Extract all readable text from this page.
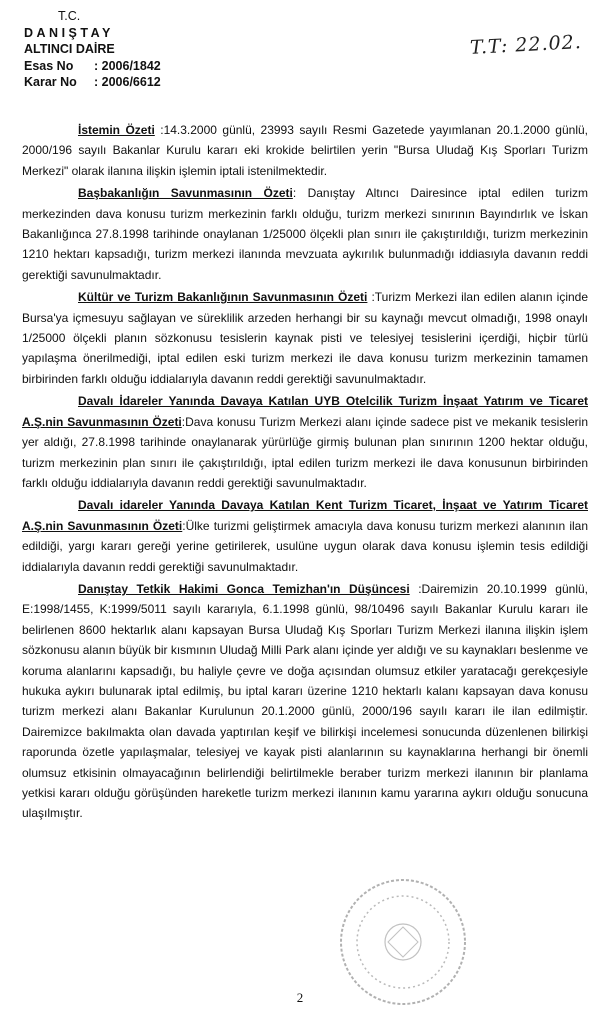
T.C.
DANIŞTAY
ALTINCI DAİRE
Esas No	: 2006/1842
Karar No	: 2006/6612
T.T: 22.02.

İstemin Özeti :14.3.2000 günlü, 23993 sayılı Resmi Gazetede yayımlanan 20.1.2000 günlü, 2000/196 sayılı Bakanlar Kurulu kararı eki krokide belirtilen yerin "Bursa Uludağ Kış Sporları Turizm Merkezi" olarak ilanına ilişkin işlemin iptali istenilmektedir.

Başbakanlığın Savunmasının Özeti: Danıştay Altıncı Dairesince iptal edilen turizm merkezinden dava konusu turizm merkezinin farklı olduğu, turizm merkezi sınırının Bayındırlık ve İskan Bakanlığınca 27.8.1998 tarihinde onaylanan 1/25000 ölçekli plan sınırı ile çakıştırıldığı, turizm merkezinin 1210 hektarı kapsadığı, turizm merkezi ilanında mevzuata aykırılık bulunmadığı iddiasıyla davanın reddi gerektiği savunulmaktadır.

Kültür ve Turizm Bakanlığının Savunmasının Özeti :Turizm Merkezi ilan edilen alanın içinde Bursa'ya içmesuyu sağlayan ve süreklilik arzeden herhangi bir su kaynağı mevcut olmadığı, 1998 onaylı 1/25000 ölçekli planın sözkonusu tesislerin kaynak pisti ve telesiyej tesislerini içerdiği, hiçbir türlü yapılaşma önerilmediği, iptal edilen eski turizm merkezi ile dava konusu turizm merkezinin tamamen birbirinden farklı olduğu iddialarıyla davanın reddi gerektiği savunulmaktadır.

Davalı İdareler Yanında Davaya Katılan UYB Otelcilik Turizm İnşaat Yatırım ve Ticaret A.Ş.nin Savunmasının Özeti:Dava konusu Turizm Merkezi alanı içinde sadece pist ve mekanik tesislerin yer aldığı, 27.8.1998 tarihinde onaylanarak yürürlüğe girmiş bulunan plan sınırının 1200 hektar olduğu, turizm merkezinin plan sınırı ile çakıştırıldığı, iptal edilen turizm merkezi ile dava konusunun birbirinden farklı olduğu iddialarıyla davanın reddi gerektiği savunulmaktadır.

Davalı idareler Yanında Davaya Katılan Kent Turizm Ticaret, İnşaat ve Yatırım Ticaret A.Ş.nin Savunmasının Özeti:Ülke turizmi geliştirmek amacıyla dava konusu turizm merkezi alanının ilan edildiği, yargı kararı gereği yerine getirilerek, usulüne uygun olarak dava konusu işlemin tesis edildiği iddialarıyla davanın reddi gerektiği savunulmaktadır.

Danıştay Tetkik Hakimi Gonca Temizhan'ın Düşüncesi :Dairemizin 20.10.1999 günlü, E:1998/1455, K:1999/5011 sayılı kararıyla, 6.1.1998 günlü, 98/10496 sayılı Bakanlar Kurulu kararı ile belirlenen 8600 hektarlık alanı kapsayan Bursa Uludağ Kış Sporları Turizm Merkezi ilanına ilişkin işlem sözkonusu alanın büyük bir kısmının Uludağ Milli Park alanı içinde yer aldığı ve su kaynakları beslenme ve koruma alanlarını kapsadığı, bu haliyle çevre ve doğa açısından olumsuz etkiler yaratacağı gerekçesiyle hukuka aykırı bulunarak iptal edilmiş, bu iptal kararı üzerine 1210 hektarlı kalanı kapsayan dava konusu turizm merkezi alanı Bakanlar Kurulunun 20.1.2000 günlü, 2000/196 sayılı kararı ile ilan edilmiştir. Dairemizce bakılmakta olan davada yaptırılan keşif ve bilirkişi incelemesi sonucunda düzenlenen bilirkişi raporunda özetle yapılaşmalar, telesiyej ve kayak pisti alanlarının su kaynaklarına herhangi bir önemli olumsuz etkisinin olmayacağının belirlendiği belirtilmekle beraber turizm merkezi ilanının bir planlama yetkisi kararı olduğu görüşünden hareketle turizm merkezi ilanının kamu yararına aykırı olduğu sonucuna ulaşılmıştır.

2
